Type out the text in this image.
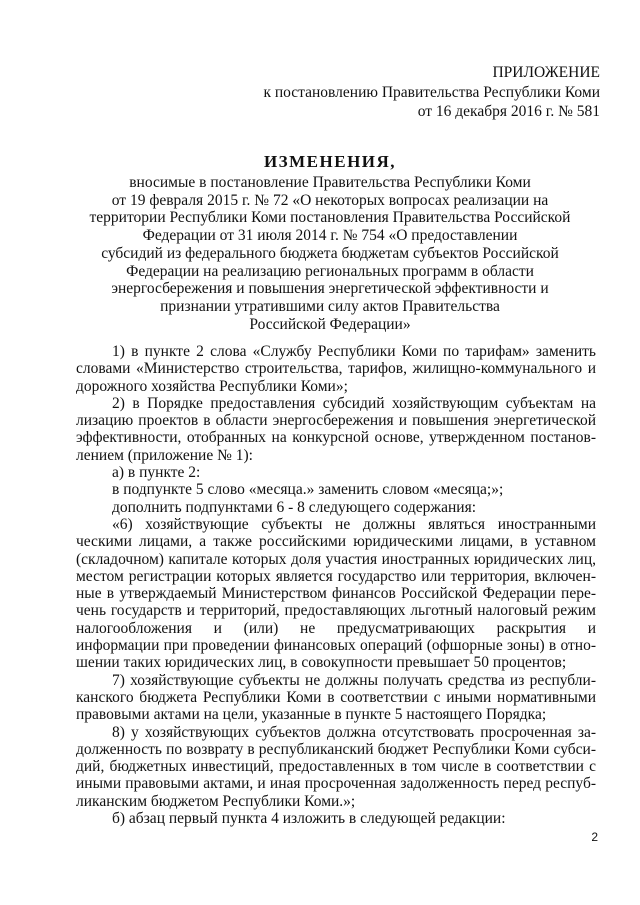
ПРИЛОЖЕНИЕ
к постановлению Правительства Республики Коми
от 16 декабря 2016 г. № 581
ИЗМЕНЕНИЯ,
вносимые в постановление Правительства Республики Коми
от 19 февраля 2015 г. № 72 «О некоторых вопросах реализации на
территории Республики Коми постановления Правительства Российской
Федерации от 31 июля 2014 г. № 754 «О предоставлении
субсидий из федерального бюджета бюджетам субъектов Российской
Федерации на реализацию региональных программ в области
энергосбережения и повышения энергетической эффективности и
признании утратившими силу актов Правительства
Российской Федерации»
1) в пункте 2 слова «Службу Республики Коми по тарифам» заменить
словами «Министерство строительства, тарифов, жилищно-коммунального и
дорожного хозяйства Республики Коми»;
2) в Порядке предоставления субсидий хозяйствующим субъектам на
лизацию проектов в области энергосбережения и повышения энергетической
эффективности, отобранных на конкурсной основе, утвержденном постанов-
лением (приложение № 1):
а) в пункте 2:
в подпункте 5 слово «месяца.» заменить словом «месяца;»;
дополнить подпунктами 6 - 8 следующего содержания:
«6) хозяйствующие субъекты не должны являться иностранными
ческими лицами, а также российскими юридическими лицами, в уставном
(складочном) капитале которых доля участия иностранных юридических лиц,
местом регистрации которых является государство или территория, включен-
ные в утверждаемый Министерством финансов Российской Федерации пере-
чень государств и территорий, предоставляющих льготный налоговый режим
налогообложения и (или) не предусматривающих раскрытия и
информации при проведении финансовых операций (офшорные зоны) в отно-
шении таких юридических лиц, в совокупности превышает 50 процентов;
7) хозяйствующие субъекты не должны получать средства из республи-
канского бюджета Республики Коми в соответствии с иными нормативными
правовыми актами на цели, указанные в пункте 5 настоящего Порядка;
8) у хозяйствующих субъектов должна отсутствовать просроченная за-
долженность по возврату в республиканский бюджет Республики Коми субси-
дий, бюджетных инвестиций, предоставленных в том числе в соответствии с
иными правовыми актами, и иная просроченная задолженность перед респуб-
ликанским бюджетом Республики Коми.»;
б) абзац первый пункта 4 изложить в следующей редакции:
2
